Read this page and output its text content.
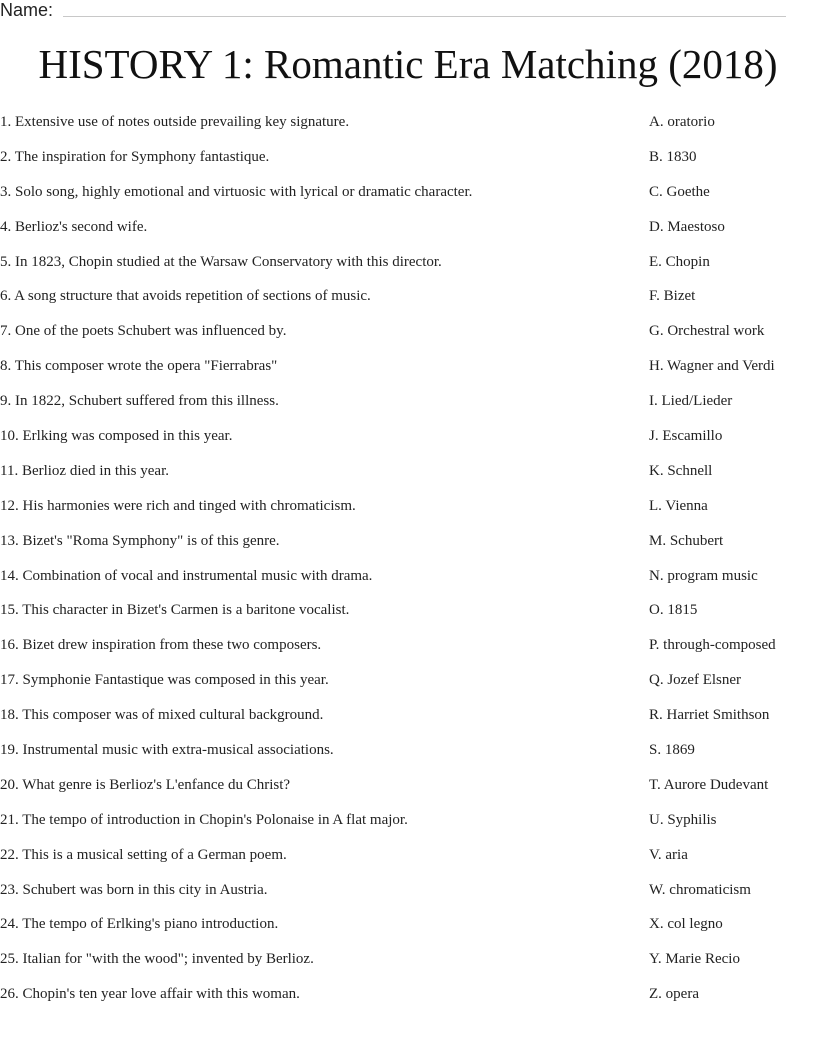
Name:
HISTORY 1: Romantic Era Matching (2018)
1. Extensive use of notes outside prevailing key signature.	A. oratorio
2. The inspiration for Symphony fantastique.	B. 1830
3. Solo song, highly emotional and virtuosic with lyrical or dramatic character.	C. Goethe
4. Berlioz's second wife.	D. Maestoso
5. In 1823, Chopin studied at the Warsaw Conservatory with this director.	E. Chopin
6. A song structure that avoids repetition of sections of music.	F. Bizet
7. One of the poets Schubert was influenced by.	G. Orchestral work
8. This composer wrote the opera "Fierrabras"	H. Wagner and Verdi
9. In 1822, Schubert suffered from this illness.	I. Lied/Lieder
10. Erlking was composed in this year.	J. Escamillo
11. Berlioz died in this year.	K. Schnell
12. His harmonies were rich and tinged with chromaticism.	L. Vienna
13. Bizet's "Roma Symphony" is of this genre.	M. Schubert
14. Combination of vocal and instrumental music with drama.	N. program music
15. This character in Bizet's Carmen is a baritone vocalist.	O. 1815
16. Bizet drew inspiration from these two composers.	P. through-composed
17. Symphonie Fantastique was composed in this year.	Q. Jozef Elsner
18. This composer was of mixed cultural background.	R. Harriet Smithson
19. Instrumental music with extra-musical associations.	S. 1869
20. What genre is Berlioz's L'enfance du Christ?	T. Aurore Dudevant
21. The tempo of introduction in Chopin's Polonaise in A flat major.	U. Syphilis
22. This is a musical setting of a German poem.	V. aria
23. Schubert was born in this city in Austria.	W. chromaticism
24. The tempo of Erlking's piano introduction.	X. col legno
25. Italian for "with the wood"; invented by Berlioz.	Y. Marie Recio
26. Chopin's ten year love affair with this woman.	Z. opera
